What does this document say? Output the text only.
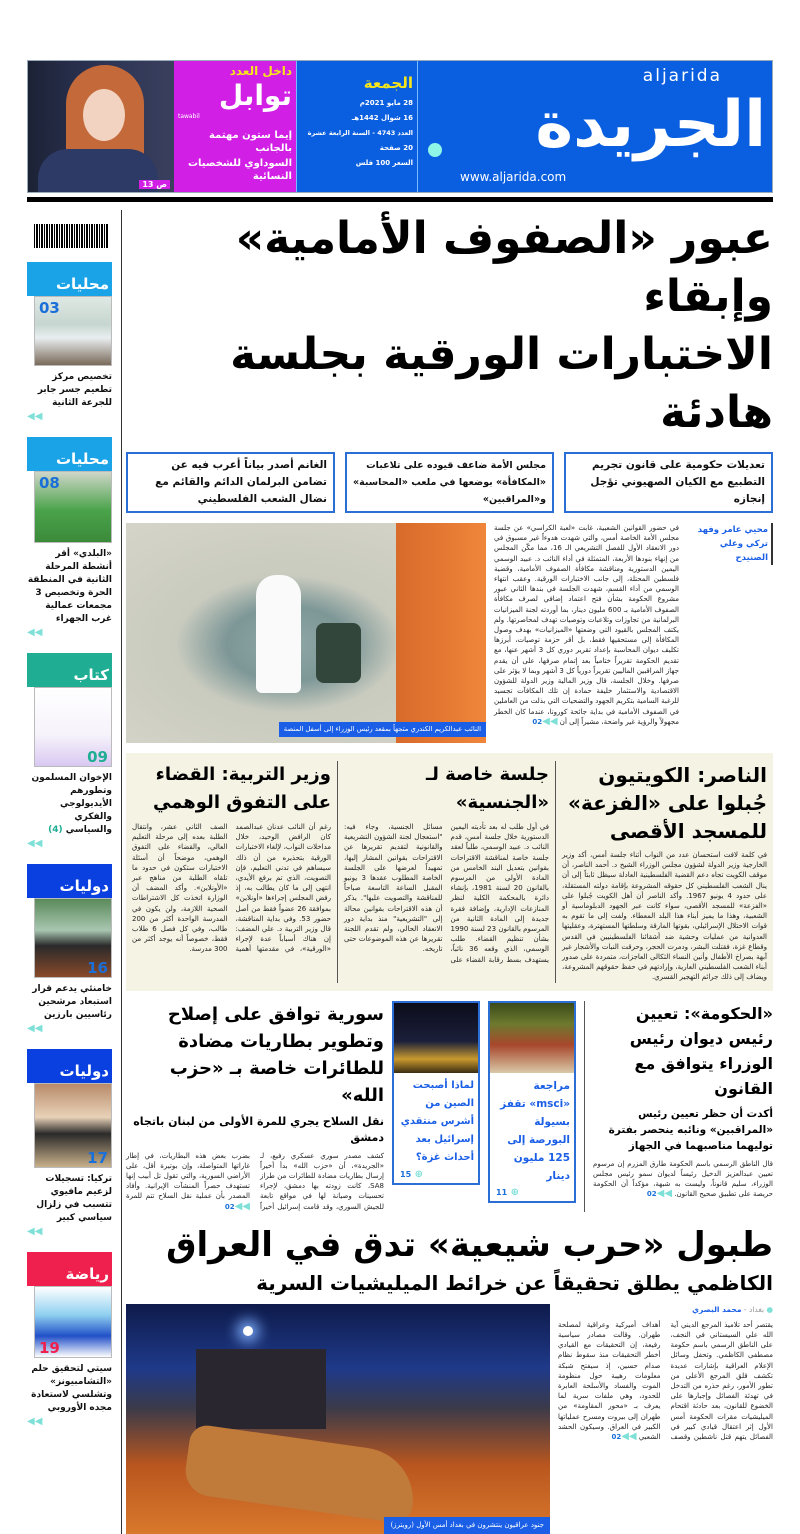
ص 13
داخل العدد
توابل
tawabil
إيما ستون مهتمة بالجانب
السوداوي للشخصيات النسائية
الجمعة
28 مايو 2021م
16 شوال 1442هـ
العدد 4743 - السنة الرابعة عشرة
20 صفحة
السعر 100 فلس
aljarida
الجريدة
www.aljarida.com
عبور «الصفوف الأمامية» وإبقاء
الاختبارات الورقية بجلسة هادئة
تعديلات حكومية على قانون تجريم التطبيع مع الكيان الصهيوني تؤجل إنجازه
مجلس الأمة ضاعف قيوده على تلاعبات «المكافأة» بوضعها في ملعب «المحاسبة» و«المراقبين»
الغانم أصدر بياناً أعرب فيه عن تضامن البرلمان الدائم والقائم مع نضال الشعب الفلسطيني
محيي عامر وفهد تركي وعلي الصنيدح
في حضور القوانين الشعبية، غابت «لعبة الكراسي» عن جلسة مجلس الأمة الخاصة أمس، والتي شهدت هدوءاً غير مسبوق في دور الانعقاد الأول للفصل التشريعي الـ 16، مما مكّن المجلس من إنهاء بنودها الأربعة، المتمثلة في أداء النائب د. عبيد الوسمي اليمين الدستورية ومناقشة مكافأة الصفوف الأمامية، وقضية فلسطين المحتلة، إلى جانب الاختبارات الورقية. وعقب انتهاء الوسمي من أداء القسم، شهدت الجلسة في بندها الثاني عبور مشروع الحكومة بشأن فتح اعتماد إضافي لصرف مكافأة الصفوف الأمامية بـ 600 مليون دينار، بما أوردته لجنة الميزانيات البرلمانية من تجاوزات وتلاعبات وتوصيات تهدف لمحاصرتها. ولم يكتف المجلس بالقيود التي وضعتها «الميزانيات» بهدف وصول المكافأة إلى مستحقيها فقط، بل أقر حزمة توصيات، أبرزها تكليف ديوان المحاسبة بإعداد تقرير دوري كل 3 أشهر عنها، مع تقديم الحكومة تقريراً ختامياً بعد إتمام صرفها، على أن يقدم جهاز المراقبين الماليين تقريراً دورياً كل 3 أشهر وبما لا يؤثر على صرفها. وخلال الجلسة، قال وزير المالية وزير الدولة للشؤون الاقتصادية والاستثمار خليفة حمادة إن تلك المكافآت تجسيد للرغبة السامية بتكريم الجهود والتضحيات التي بذلت من العاملين في الصفوف الأمامية في بداية جائحة كورونا، عندما كان الخطر مجهولاً والرؤية غير واضحة، مشيراً إلى أن ◀◀02
النائب عبدالكريم الكندري متجهاً بمقعد رئيس الوزراء إلى أسفل المنصة
الناصر: الكويتيون جُبلوا على «الفزعة» للمسجد الأقصى
في كلمة لافت استحسان عدد من النواب أثناء جلسة أمس، أكد وزير الخارجية وزير الدولة لشؤون مجلس الوزراء الشيخ د. أحمد الناصر، أن موقف الكويت تجاه دعم القضية الفلسطينية العادلة سيظل ثابتاً إلى أن ينال الشعب الفلسطيني كل حقوقه المشروعة بإقامة دولته المستقلة، على حدود 4 يونيو 1967. وأكد الناصر أن أهل الكويت جُبلوا على «الفزعة» للمسجد الأقصى، سواء كانت عبر الجهود الدبلوماسية أو الشعبية، وهذا ما يميز أبناء هذا البلد المعطاء. ولفت إلى ما تقوم به قوات الاحتلال الإسرائيلي، بقوتها المارقة وسلطتها المستهترة، وعقليتها العدوانية من عمليات وحشية ضد أشقائنا الفلسطينيين في القدس وقطاع غزة، فقتلت البشر، ودمرت الحجر، وحرقت النبات والأشجار غير آبهة بصراخ الأطفال وأنين النساء الثكالى العاجزات، متمردة على صدور أبناء الشعب الفلسطيني العارية، وإرادتهم في حفظ حقوقهم المشروعة، ويضاف إلى ذلك جرائم التهجير القسري.
جلسة خاصة لـ «الجنسية»
في أول طلب له بعد تأديته اليمين الدستورية خلال جلسة أمس، قدم النائب د. عبيد الوسمي، طلباً لعقد جلسة خاصة لمناقشة الاقتراحات بقوانين بتعديل البند الخامس من المادة الأولى من المرسوم بالقانون 20 لسنة 1981، بإنشاء دائرة بالمحكمة الكلية لنظر المنازعات الإدارية، وإضافة فقرة جديدة إلى المادة الثانية من المرسوم بالقانون 23 لسنة 1990 بشأن تنظيم القضاء. طلب الوسمي، الذي وقعه 36 نائباً، يستهدف بسط رقابة القضاء على مسائل الجنسية، وجاء فيه: "استعجال لجنة الشؤون التشريعية والقانونية لتقديم تقريرها عن الاقتراحات بقوانين المشار إليها، تمهيداً لعرضها على الجلسة الخاصة المطلوب عقدها 3 يونيو المقبل الساعة التاسعة صباحاً للمناقشة والتصويت عليها". يذكر أن هذه الاقتراحات بقوانين محالة إلى "التشريعية" منذ بداية دور الانعقاد الحالي، ولم تقدم اللجنة تقريرها عن هذه الموضوعات حتى تاريخه.
وزير التربية: القضاء على التفوق الوهمي
رغم أن النائب عدنان عبدالصمد كان الرافض الوحيد، خلال مداخلات النواب، لإلغاء الاختبارات الورقية بتحذيره من أن ذلك سيساهم في تدني التعليم، فإن التصويت، الذي تم برفع الأيدي، انتهى إلى ما كان يطالب به، إذ رفض المجلس إجراءها «أونلاين» بموافقة 26 عضواً فقط من أصل حضور 53. وفي بداية المناقشة، قال وزير التربية د. علي المضف: إن هناك أسباباً عدة لإجراء «الورقية»، في مقدمتها أهمية الصف الثاني عشر، وانتقال الطلبة بعده إلى مرحلة التعليم العالي، والقضاء على التفوق الوهمي، موضحاً أن أسئلة الاختبارات ستكون في حدود ما تلقاه الطلبة من مناهج عبر «الأونلاين». وأكد المضف أن الوزارة اتخذت كل الاشتراطات الصحية اللازمة، ولن يكون في المدرسة الواحدة أكثر من 200 طالب، وفي كل فصل 6 طلاب فقط، خصوصاً أنه يوجد أكثر من 300 مدرسة.
«الحكومة»: تعيين رئيس ديوان رئيس الوزراء يتوافق مع القانون
أكدت أن حظر تعيين رئيس «المراقبين» ونائبه ينحصر بفترة توليهما مناصبهما في الجهاز
قال الناطق الرسمي باسم الحكومة طارق المزرم إن مرسوم تعيين عبدالعزيز الدخيل رئيساً لديوان سمو رئيس مجلس الوزراء، سليم قانوناً، وليست به شبهة، مؤكداً أن الحكومة حريصة على تطبيق صحيح القانون. ◀◀02
مراجعة «msci» تقفز بسيولة البورصة إلى 125 مليون دينار
11 ⊕
لماذا أصبحت الصين من أشرس منتقدي إسرائيل بعد أحداث غزة؟
15 ⊕
سورية توافق على إصلاح وتطوير بطاريات مضادة للطائرات خاصة بـ «حزب الله»
نقل السلاح يجري للمرة الأولى من لبنان باتجاه دمشق
كشف مصدر سوري عسكري رفيع، لـ «الجريدة»، أن «حزب الله» بدأ أخيراً إرسال بطاريات مضادة للطائرات من طراز SA8، كانت زودته بها دمشق، لإجراء تحسينات وصيانة لها في مواقع تابعة للجيش السوري، وقد قامت إسرائيل أخيراً بضرب بعض هذه البطاريات، في إطار غاراتها المتواصلة، وإن بوتيرة أقل، على الأراضي السورية، والتي تقول تل أبيب إنها تستهدف حصراً المنشآت الإيرانية. وأفاد المصدر بأن عملية نقل السلاح تتم للمرة ◀◀02
طبول «حرب شيعية» تدق في العراق
الكاظمي يطلق تحقيقاً عن خرائط الميليشيات السرية
● بغداد - محمد البصري
يقتصر أحد تلاميذ المرجع الديني آية الله علي السيستاني في النجف، على الناطق الرسمي باسم حكومة مصطفى الكاظمي. وتحفل وسائل الإعلام العراقية بإشارات عديدة تكشف قلق المرجع الأعلى من تطور الأمور، رغم حذره من التدخل في تهدئة الفصائل وإجبارها على الخضوع للقانون، بعد حادثة اقتحام الميليشيات مقرات الحكومة أمس الأول إثر اعتقال قيادي كبير في الفصائل يتهم قتل ناشطين وقصف أهداف أميركية وعراقية لمصلحة طهران. وقالت مصادر سياسية رفيعة، إن التحقيقات مع القيادي أخطر التحقيقات منذ سقوط نظام صدام حسين، إذ سيفتح شبكة معلومات رهيبة حول منظومة الموت والفساد والأسلحة العابرة للحدود، وهي ملفات سرية لما يعرف بـ «محور المقاومة» من طهران إلى بيروت ومسرح عملياتها الكبير في العراق. وسيكون الحشد الشعبي ◀◀02
جنود عراقيون ينتشرون في بغداد أمس الأول (رويترز)
محليات
03
تخصيص مركز تطعيم جسر جابر للجرعة الثانية
◀◀
محليات
08
«البلدي» أقر أنشطة المرحلة الثانية في المنطقة الحرة وتخصيص 3 مجمعات عمالية غرب الجهراء
◀◀
كتاب
09
الإخوان المسلمون وتطورهم الأيديولوجي والفكري والسياسي (4)
◀◀
دوليات
16
خامنئي يدعم قرار استبعاد مرشحين رئاسيين بارزين
◀◀
دوليات
17
تركيا: تسجيلات لزعيم مافيوي تتسبب في زلزال سياسي كبير
◀◀
رياضة
19
سيتي لتحقيق حلم «التشامبيونز» وتشلسي لاستعادة مجده الأوروبي
◀◀
